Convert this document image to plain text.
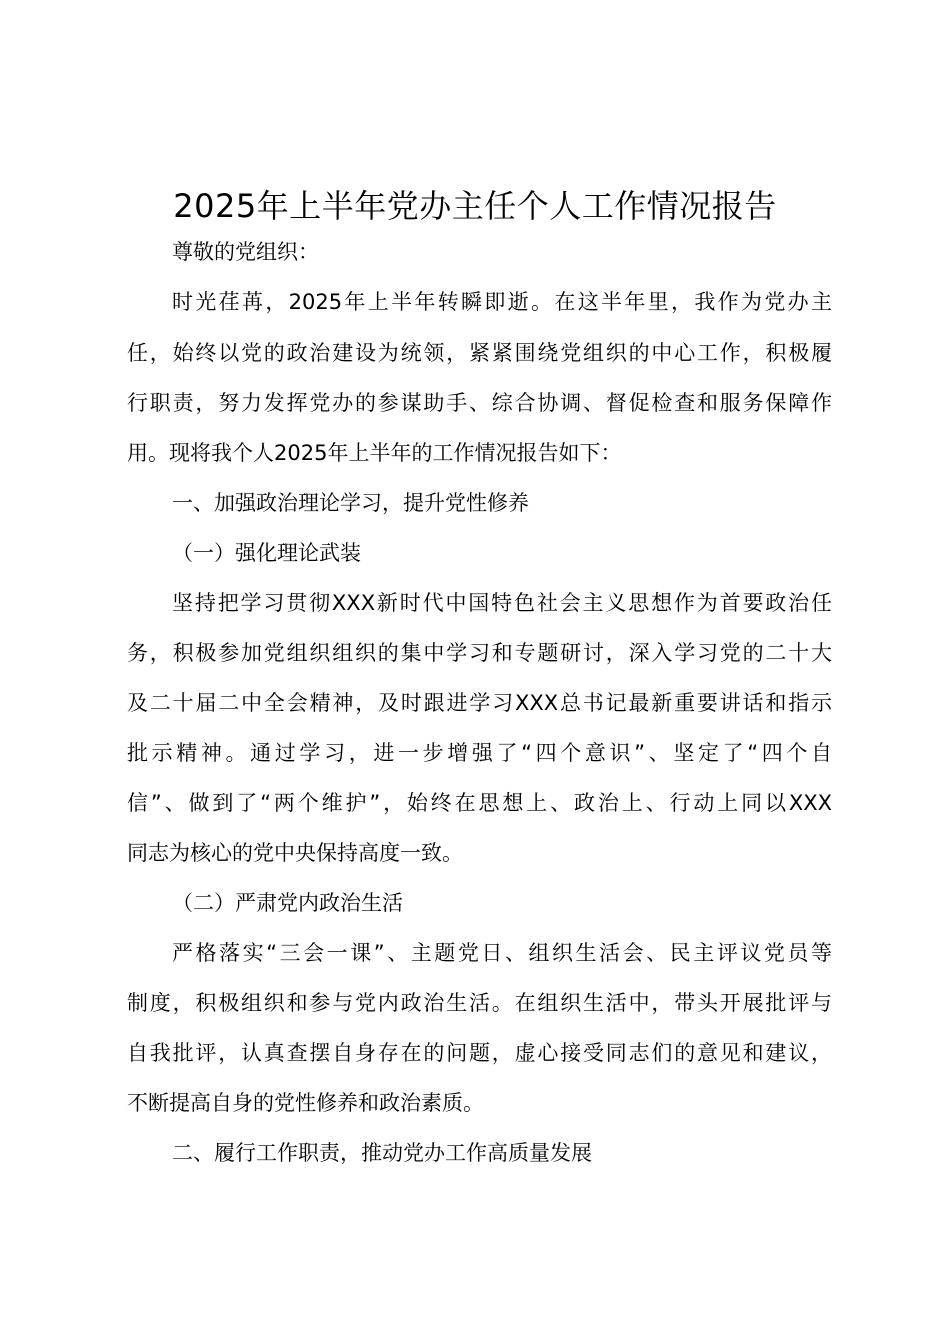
2025年上半年党办主任个人工作情况报告
尊敬的党组织：
时光荏苒，2025年上半年转瞬即逝。在这半年里，我作为党办主
任，始终以党的政治建设为统领，紧紧围绕党组织的中心工作，积极履
行职责，努力发挥党办的参谋助手、综合协调、督促检查和服务保障作
用。现将我个人2025年上半年的工作情况报告如下：
一、加强政治理论学习，提升党性修养
（一）强化理论武装
坚持把学习贯彻XXX新时代中国特色社会主义思想作为首要政治任
务，积极参加党组织组织的集中学习和专题研讨，深入学习党的二十大
及二十届二中全会精神，及时跟进学习XXX总书记最新重要讲话和指示
批示精神。通过学习，进一步增强了“四个意识”、坚定了“四个自
信”、做到了“两个维护”，始终在思想上、政治上、行动上同以XXX
同志为核心的党中央保持高度一致。
（二）严肃党内政治生活
严格落实“三会一课”、主题党日、组织生活会、民主评议党员等
制度，积极组织和参与党内政治生活。在组织生活中，带头开展批评与
自我批评，认真查摆自身存在的问题，虚心接受同志们的意见和建议，
不断提高自身的党性修养和政治素质。
二、履行工作职责，推动党办工作高质量发展
